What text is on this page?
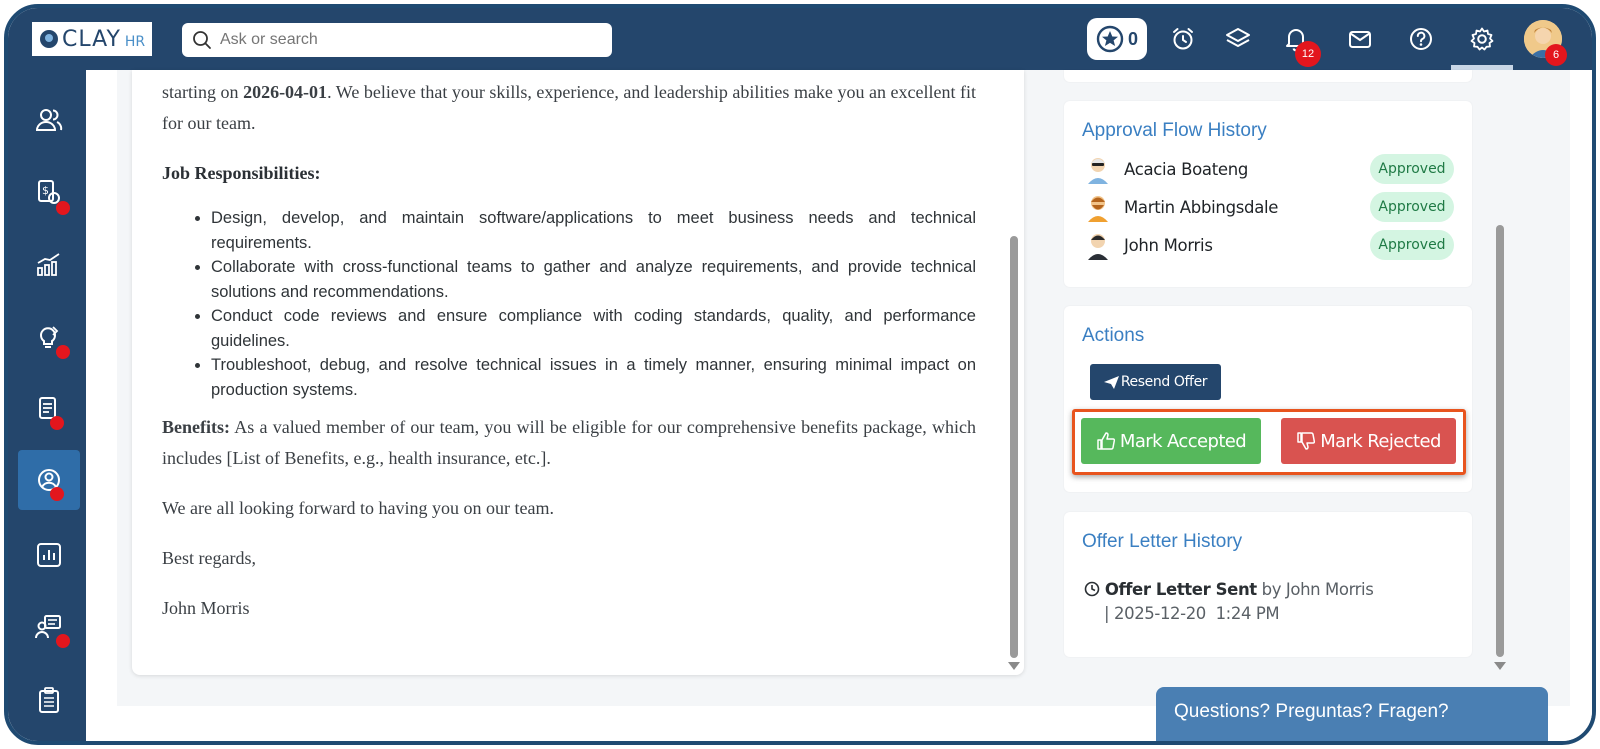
CLAY HR
Ask or search	0
12	6
$

starting on 2026-04-01. We believe that your skills, experience, and leadership abilities make you an excellent fit for our team.

Job Responsibilities:

• Design, develop, and maintain software/applications to meet business needs and technical requirements.
• Collaborate with cross-functional teams to gather and analyze requirements, and provide technical solutions and recommendations.
• Conduct code reviews and ensure compliance with coding standards, quality, and performance guidelines.
• Troubleshoot, debug, and resolve technical issues in a timely manner, ensuring minimal impact on production systems.

Benefits: As a valued member of our team, you will be eligible for our comprehensive benefits package, which includes [List of Benefits, e.g., health insurance, etc.].

We are all looking forward to having you on our team.

Best regards,

John Morris

Approval Flow History
Acacia Boateng	Approved
Martin Abbingsdale	Approved
John Morris	Approved
Actions
Resend Offer
Mark Accepted	Mark Rejected
Offer Letter History
Offer Letter Sent by John Morris
| 2025-12-20  1:24 PM
Questions? Preguntas? Fragen?
